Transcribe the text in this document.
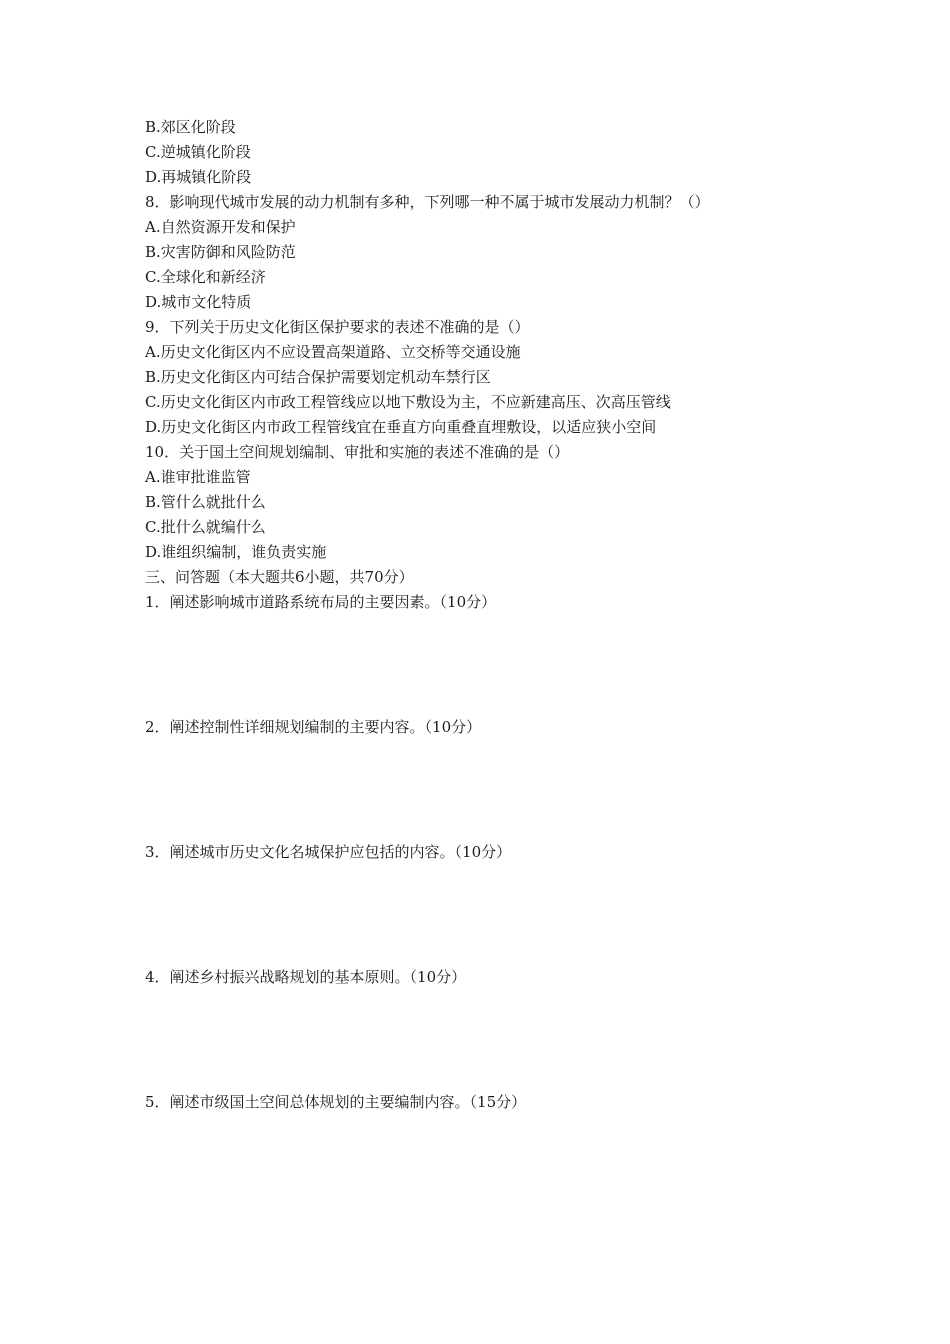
B.郊区化阶段
C.逆城镇化阶段
D.再城镇化阶段
8．影响现代城市发展的动力机制有多种，下列哪一种不属于城市发展动力机制？（）
A.自然资源开发和保护
B.灾害防御和风险防范
C.全球化和新经济
D.城市文化特质
9．下列关于历史文化街区保护要求的表述不准确的是（）
A.历史文化街区内不应设置高架道路、立交桥等交通设施
B.历史文化街区内可结合保护需要划定机动车禁行区
C.历史文化街区内市政工程管线应以地下敷设为主，不应新建高压、次高压管线
D.历史文化街区内市政工程管线宜在垂直方向重叠直埋敷设，以适应狭小空间
10．关于国土空间规划编制、审批和实施的表述不准确的是（）
A.谁审批谁监管
B.管什么就批什么
C.批什么就编什么
D.谁组织编制，谁负责实施
三、问答题（本大题共6小题，共70分）
1．阐述影响城市道路系统布局的主要因素。（10分）
2．阐述控制性详细规划编制的主要内容。（10分）
3．阐述城市历史文化名城保护应包括的内容。（10分）
4．阐述乡村振兴战略规划的基本原则。（10分）
5．阐述市级国土空间总体规划的主要编制内容。（15分）
